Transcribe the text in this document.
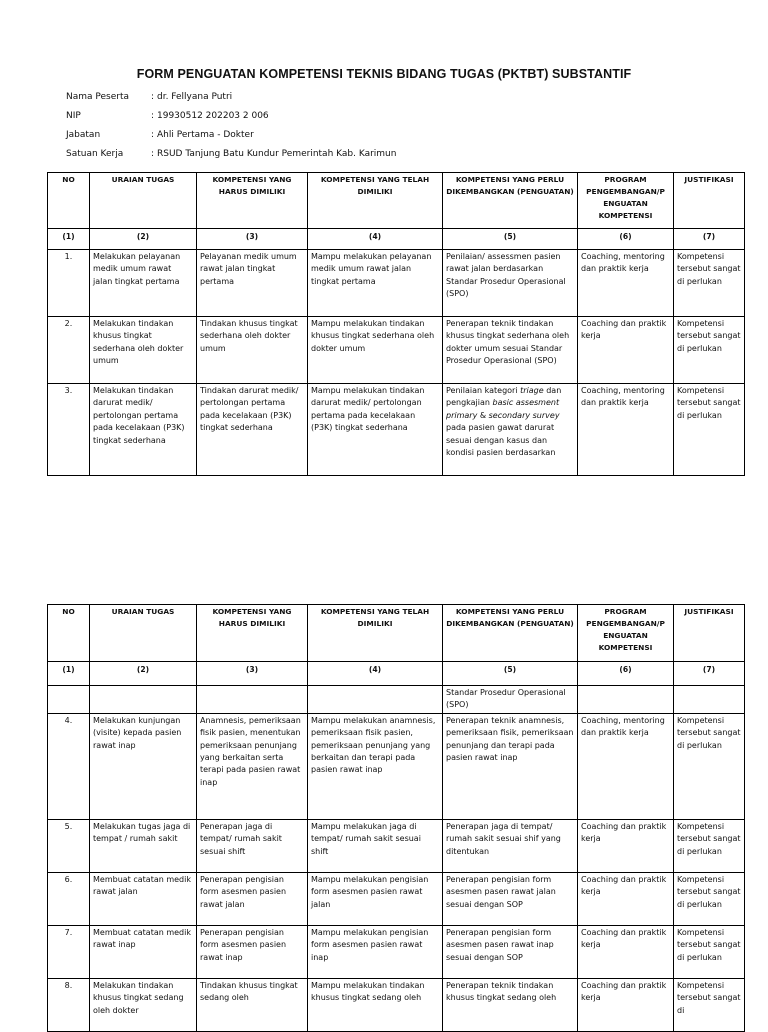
FORM PENGUATAN KOMPETENSI TEKNIS BIDANG TUGAS (PKTBT) SUBSTANTIF
Nama Peserta	: dr. Fellyana Putri
NIP	: 19930512 202203 2 006
Jabatan	: Ahli Pertama - Dokter
Satuan Kerja	: RSUD Tanjung Batu Kundur Pemerintah Kab. Karimun
NO	URAIAN TUGAS	KOMPETENSI YANG HARUS DIMILIKI	KOMPETENSI YANG TELAH DIMILIKI	KOMPETENSI YANG PERLU DIKEMBANGKAN (PENGUATAN)	PROGRAM PENGEMBANGAN/P ENGUATAN KOMPETENSI	JUSTIFIKASI
(1)	(2)	(3)	(4)	(5)	(6)	(7)
1.	Melakukan pelayanan medik umum rawat jalan tingkat pertama	Pelayanan medik umum rawat jalan tingkat pertama	Mampu melakukan pelayanan medik umum rawat jalan tingkat pertama	Penilaian/ assessmen pasien rawat jalan berdasarkan Standar Prosedur Operasional (SPO)	Coaching, mentoring dan praktik kerja	Kompetensi tersebut sangat di perlukan
2.	Melakukan tindakan khusus tingkat sederhana oleh dokter umum	Tindakan khusus tingkat sederhana oleh dokter umum	Mampu melakukan tindakan khusus tingkat sederhana oleh dokter umum	Penerapan teknik tindakan khusus tingkat sederhana oleh dokter umum sesuai Standar Prosedur Operasional (SPO)	Coaching dan praktik kerja	Kompetensi tersebut sangat di perlukan
3.	Melakukan tindakan darurat medik/ pertolongan pertama pada kecelakaan (P3K) tingkat sederhana	Tindakan darurat medik/ pertolongan pertama pada kecelakaan (P3K) tingkat sederhana	Mampu melakukan tindakan darurat medik/ pertolongan pertama pada kecelakaan (P3K) tingkat sederhana	Penilaian kategori triage dan pengkajian basic assesment primary & secondary survey pada pasien gawat darurat sesuai dengan kasus dan kondisi pasien berdasarkan	Coaching, mentoring dan praktik kerja	Kompetensi tersebut sangat di perlukan
NO	URAIAN TUGAS	KOMPETENSI YANG HARUS DIMILIKI	KOMPETENSI YANG TELAH DIMILIKI	KOMPETENSI YANG PERLU DIKEMBANGKAN (PENGUATAN)	PROGRAM PENGEMBANGAN/P ENGUATAN KOMPETENSI	JUSTIFIKASI
(1)	(2)	(3)	(4)	(5)	(6)	(7)
				Standar Prosedur Operasional (SPO)		
4.	Melakukan kunjungan (visite) kepada pasien rawat inap	Anamnesis, pemeriksaan fisik pasien, menentukan pemeriksaan penunjang yang berkaitan serta terapi pada pasien rawat inap	Mampu melakukan anamnesis, pemeriksaan fisik pasien, pemeriksaan penunjang yang berkaitan dan terapi pada pasien rawat inap	Penerapan teknik anamnesis, pemeriksaan fisik, pemeriksaan penunjang dan terapi pada pasien rawat inap	Coaching, mentoring dan praktik kerja	Kompetensi tersebut sangat di perlukan
5.	Melakukan tugas jaga di tempat / rumah sakit	Penerapan jaga di tempat/ rumah sakit sesuai shift	Mampu melakukan jaga di tempat/ rumah sakit sesuai shift	Penerapan jaga di tempat/ rumah sakit sesuai shif yang ditentukan	Coaching dan praktik kerja	Kompetensi tersebut sangat di perlukan
6.	Membuat catatan medik rawat jalan	Penerapan pengisian form asesmen pasien rawat jalan	Mampu melakukan pengisian form asesmen pasien rawat jalan	Penerapan pengisian form asesmen pasen rawat jalan sesuai dengan SOP	Coaching dan praktik kerja	Kompetensi tersebut sangat di perlukan
7.	Membuat catatan medik rawat inap	Penerapan pengisian form asesmen pasien rawat inap	Mampu melakukan pengisian form asesmen pasien rawat inap	Penerapan pengisian form asesmen pasen rawat inap sesuai dengan SOP	Coaching dan praktik kerja	Kompetensi tersebut sangat di perlukan
8.	Melakukan tindakan khusus tingkat sedang oleh dokter	Tindakan khusus tingkat sedang oleh	Mampu melakukan tindakan khusus tingkat sedang oleh	Penerapan teknik tindakan khusus tingkat sedang oleh	Coaching dan praktik kerja	Kompetensi tersebut sangat di
